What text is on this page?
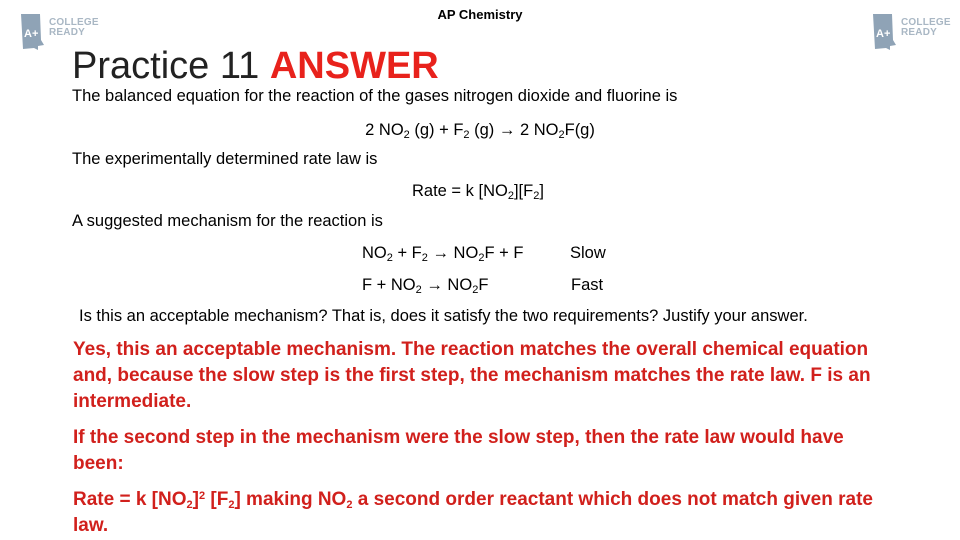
AP Chemistry
A+
COLLEGE
READY	A+
COLLEGE
READY
Practice 11 ANSWER
The balanced equation for the reaction of the gases nitrogen dioxide and fluorine is
2 $NO_2$ $(g) + F_2$ (g) → 2 $NO_2F(g)$
The experimentally determined rate law is
Rate = k $[NO_2][F_2]$
A suggested mechanism for the reaction is
$NO_2 + F_2 \to NO_2F + F$	Slow
$F + NO_2 \to NO_2F$	Fast
Is this an acceptable mechanism? That is, does it satisfy the two requirements? Justify your answer.
Yes, this an acceptable mechanism. The reaction matches the overall chemical equation and, because the slow step is the first step, the mechanism matches the rate law. F is an intermediate.
If the second step in the mechanism were the slow step, then the rate law would have been:
Rate = k $[NO_2]^2$ $[F_2]$ making $NO_2$ a second order reactant which does not match given rate law.
